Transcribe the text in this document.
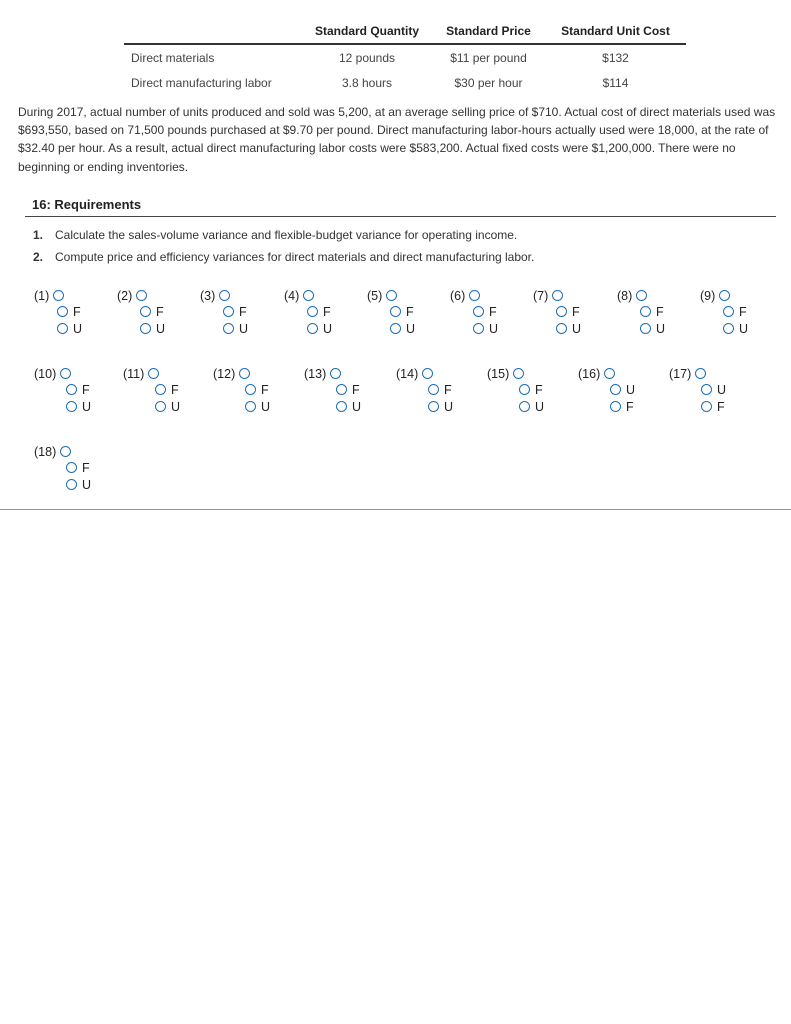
	Standard Quantity	Standard Price	Standard Unit Cost
Direct materials	12 pounds	$11 per pound	$132
Direct manufacturing labor	3.8 hours	$30 per hour	$114

During 2017, actual number of units produced and sold was 5,200, at an average selling price of $710. Actual cost of direct materials used was $693,550, based on 71,500 pounds purchased at $9.70 per pound. Direct manufacturing labor-hours actually used were 18,000, at the rate of $32.40 per hour. As a result, actual direct manufacturing labor costs were $583,200. Actual fixed costs were $1,200,000. There were no beginning or ending inventories.

16: Requirements
1. Calculate the sales-volume variance and flexible-budget variance for operating income.
2. Compute price and efficiency variances for direct materials and direct manufacturing labor.
(1)
F
U
(2)
F
U
(3)
F
U
(4)
F
U
(5)
F
U
(6)
F
U
(7)
F
U
(8)
F
U
(9)
F
U
(10)
F
U
(11)
F
U
(12)
F
U
(13)
F
U
(14)
F
U
(15)
F
U
(16)
U
F
(17)
U
F
(18)
F
U
